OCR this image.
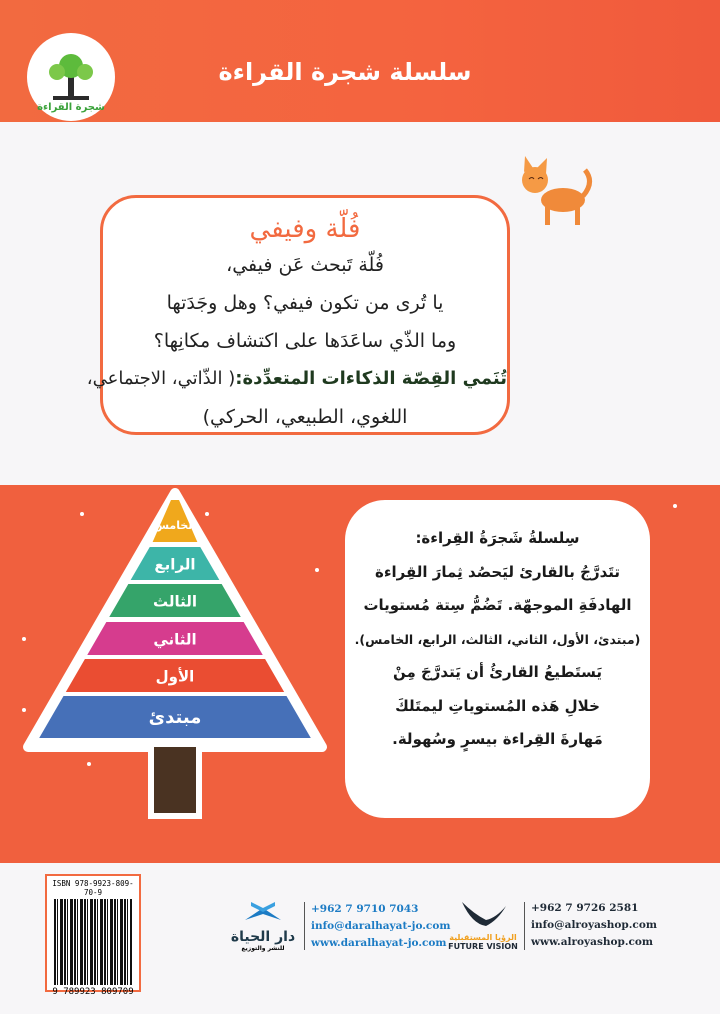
شجرة القراءة
سلسلة شجرة القراءة
فُلّة وفيفي
فُلّة تَبحث عَن فيفي،
يا تُرى من تكون فيفي؟ وهل وجَدَتها
وما الذّي ساعَدَها على اكتشاف مكانِها؟
تُنَمي القِصّة الذكاءات المتعدِّدة:( الذّاتي، الاجتماعي،
اللغوي، الطبيعي، الحركي)
الخامس
الرابع
الثالث
الثاني
الأول
مبتدئ
سِلسلةُ شَجرَةُ القِراءة:
تتَدرَّجُ بالقارئ ليَحصُد ثِمارَ القِراءة
الهادفَةِ الموجهّة. تَضُمُّ سِتة مُستويات
(مبتدئ، الأول، الثاني، الثالث، الرابع، الخامس).
يَستَطيعُ القارئُ أن يَتدرَّجَ مِنْ
خلالِ هَذه المُستوياتِ ليمتَلكَ
مَهارةَ القِراءة بيسرٍ وسُهولة.
ISBN 978-9923-809-70-9
9 789923 809709
دار الحياة
للنشر والتوزيع
+962 7 9710 7043
info@daralhayat-jo.com
www.daralhayat-jo.com الرؤيا المستقبلية
FUTURE VISION
+962 7 9726 2581
info@alroyashop.com
www.alroyashop.com
